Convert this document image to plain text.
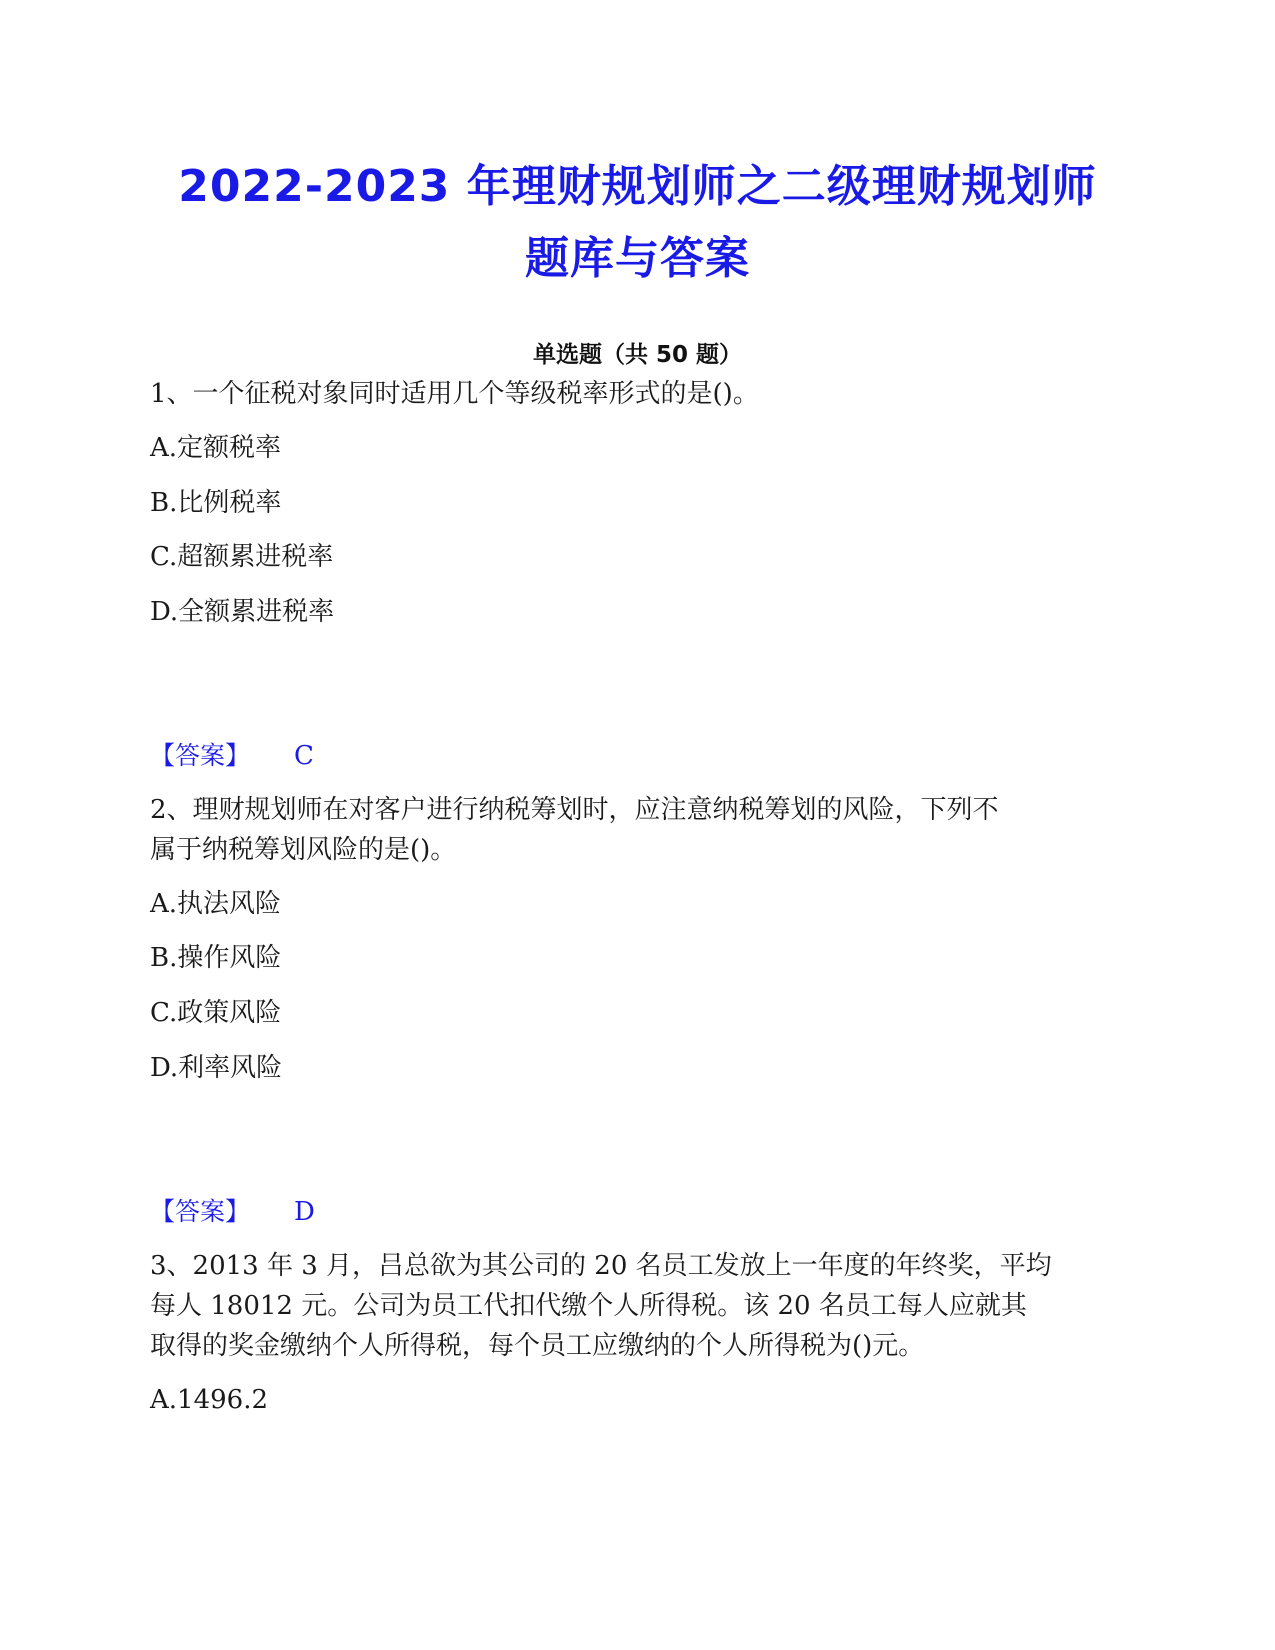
2022-2023 年理财规划师之二级理财规划师
题库与答案
单选题（共 50 题）
1、一个征税对象同时适用几个等级税率形式的是()。
A.定额税率
B.比例税率
C.超额累进税率
D.全额累进税率
【答案】 C
2、理财规划师在对客户进行纳税筹划时，应注意纳税筹划的风险，下列不
属于纳税筹划风险的是()。
A.执法风险
B.操作风险
C.政策风险
D.利率风险
【答案】 D
3、2013 年 3 月，吕总欲为其公司的 20 名员工发放上一年度的年终奖，平均
每人 18012 元。公司为员工代扣代缴个人所得税。该 20 名员工每人应就其
取得的奖金缴纳个人所得税，每个员工应缴纳的个人所得税为()元。
A.1496.2
